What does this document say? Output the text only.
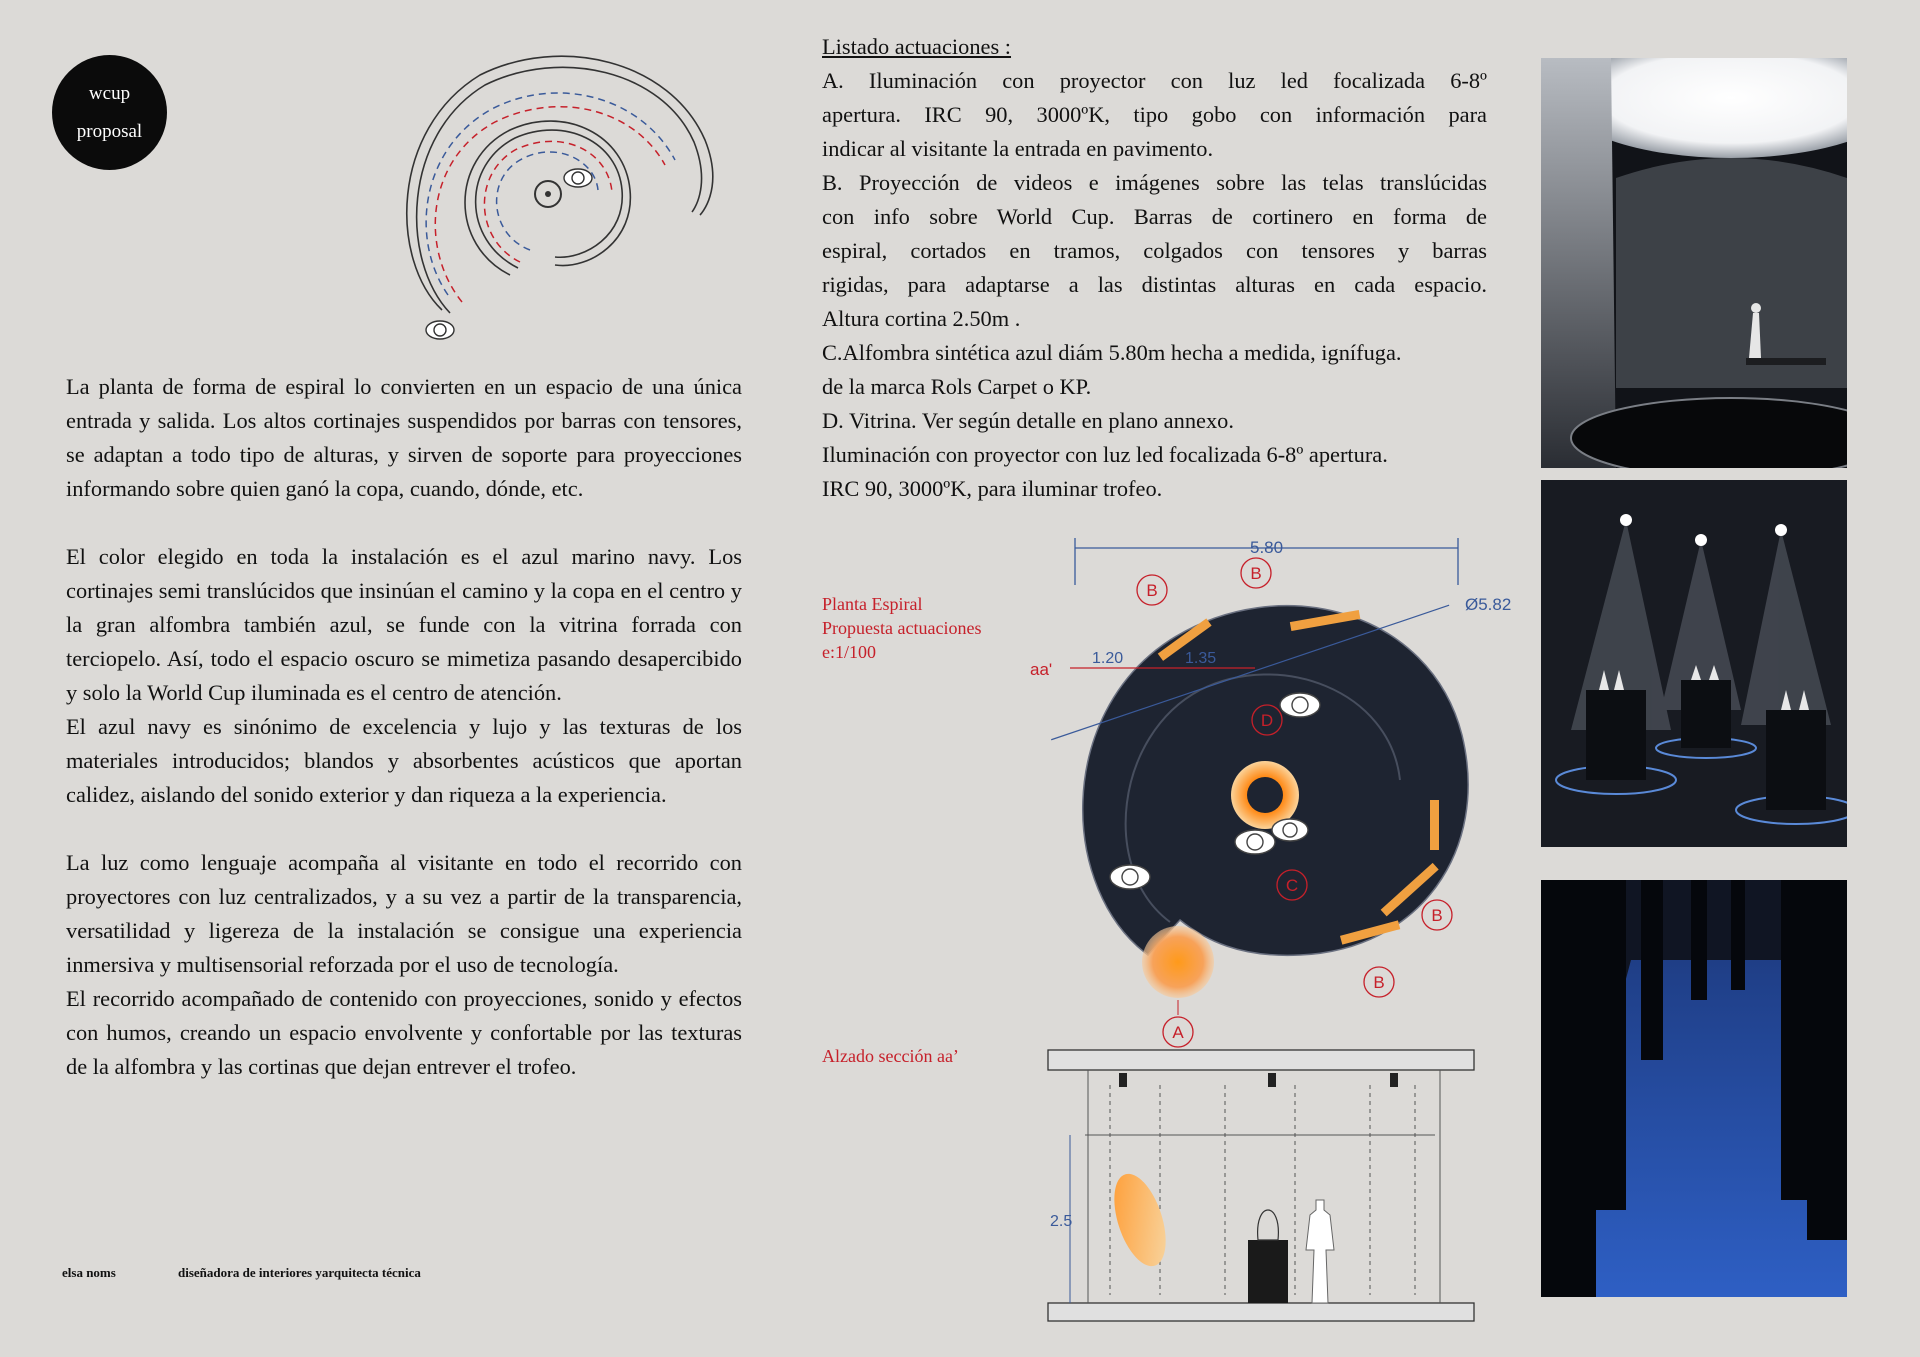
wcup
proposal

La planta de forma de espiral lo convierten en un espacio de una única entrada y salida. Los altos cortinajes suspendidos por barras con tensores, se adaptan a todo tipo de alturas, y sirven de soporte para proyecciones informando sobre quien ganó la copa, cuando, dónde, etc.

El color elegido en toda la instalación es el azul marino navy. Los cortinajes semi translúcidos que insinúan el camino y la copa en el centro y la gran alfombra también azul, se funde con la vitrina forrada con terciopelo. Así, todo el espacio oscuro se mimetiza pasando desapercibido y solo la World Cup iluminada es el centro de atención.

El azul navy es sinónimo de excelencia y lujo y las texturas de los materiales introducidos; blandos y absorbentes acústicos que aportan calidez, aislando del sonido exterior y dan riqueza a la experiencia.

La luz como lenguaje acompaña al visitante en todo el recorrido con proyectores con luz centralizados, y a su vez a partir de la transparencia, versatilidad y ligereza de la instalación se consigue una experiencia inmersiva y multisensorial reforzada por el uso de tecnología.

El recorrido acompañado de contenido con proyecciones, sonido y efectos con humos, creando un espacio envolvente y confortable por las texturas de la alfombra y las cortinas que dejan entrever el trofeo.

elsa noms	diseñadora de interiores yarquitecta técnica

Listado actuaciones :

A. Iluminación con proyector con luz led focalizada 6-8º

apertura. IRC 90, 3000ºK, tipo gobo con información para

indicar al visitante la entrada en pavimento.

B. Proyección de videos e imágenes sobre las telas translúcidas

con info sobre World Cup. Barras de cortinero en forma de

espiral, cortados en tramos, colgados con tensores y barras

rigidas, para adaptarse a las distintas alturas en cada espacio.

Altura cortina 2.50m .

C.Alfombra sintética azul diám 5.80m hecha a medida, ignífuga.

de la marca Rols Carpet o KP.

D. Vitrina. Ver según detalle en plano annexo.

Iluminación con proyector con luz led focalizada 6-8º apertura.

IRC 90, 3000ºK, para iluminar trofeo.

Planta Espiral
Propuesta actuaciones
e:1/100
Alzado sección aa’
5.80
Ø5.82
aa'
1.20	1.35
B
B
D
C
B
B
A
2.5
